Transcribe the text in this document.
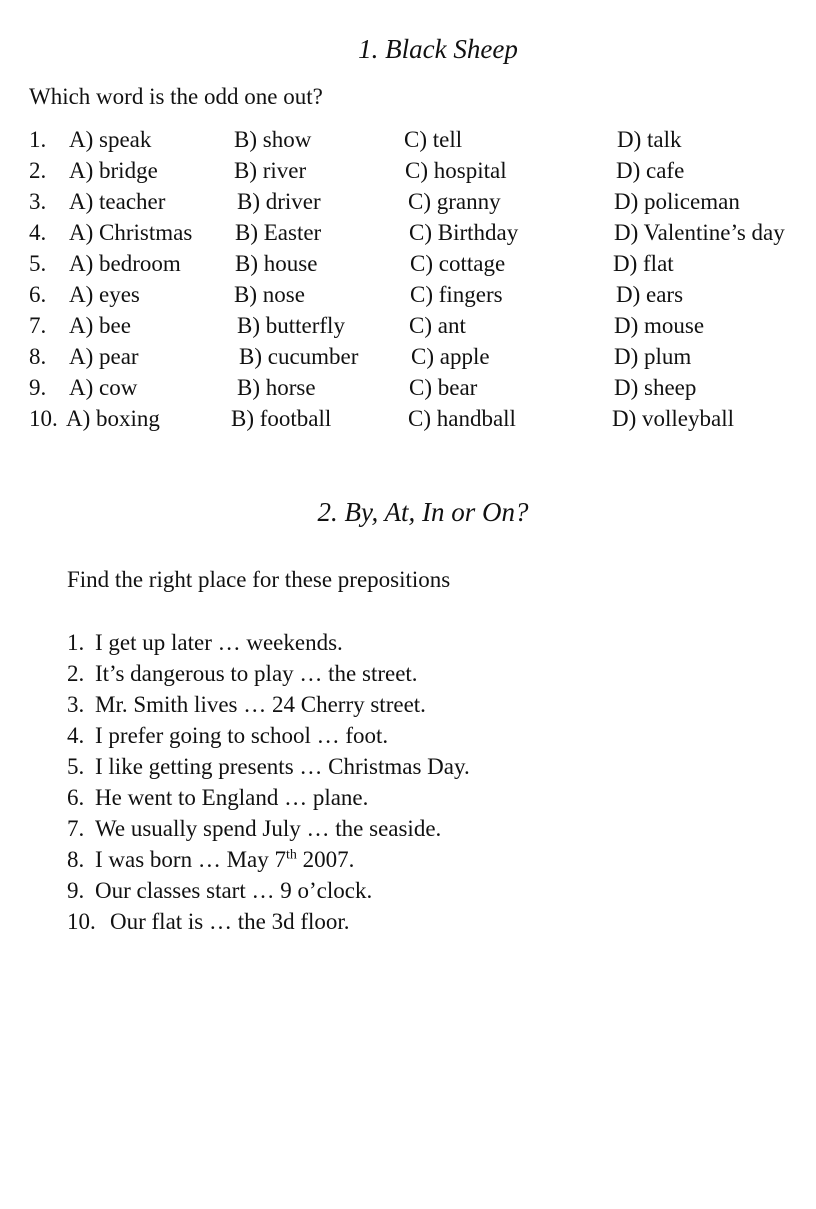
1. Black Sheep
Which word is the odd one out?
1. A) speak	B) show	C) tell	D) talk
2. A) bridge	B) river	C) hospital	D) cafe
3. A) teacher	B) driver	C) granny	D) policeman
4. A) Christmas B) Easter	C) Birthday	D) Valentine’s day
5. A) bedroom B) house	C) cottage	D) flat
6. A) eyes	B) nose	C) fingers	D) ears
7. A) bee	B) butterfly	C) ant	D) mouse
8. A) pear	B) cucumber C) apple	D) plum
9. A) cow	B) horse	C) bear	D) sheep
10. A) boxing	B) football	C) handball	D) volleyball
2. By, At, In or On?
Find the right place for these prepositions
1. I get up later … weekends.
2. It’s dangerous to play … the street.
3. Mr. Smith lives … 24 Cherry street.
4. I prefer going to school … foot.
5. I like getting presents … Christmas Day.
6. He went to England … plane.
7. We usually spend July … the seaside.
8. I was born … May 7th 2007.
9. Our classes start … 9 o’clock.
10. Our flat is … the 3d floor.
